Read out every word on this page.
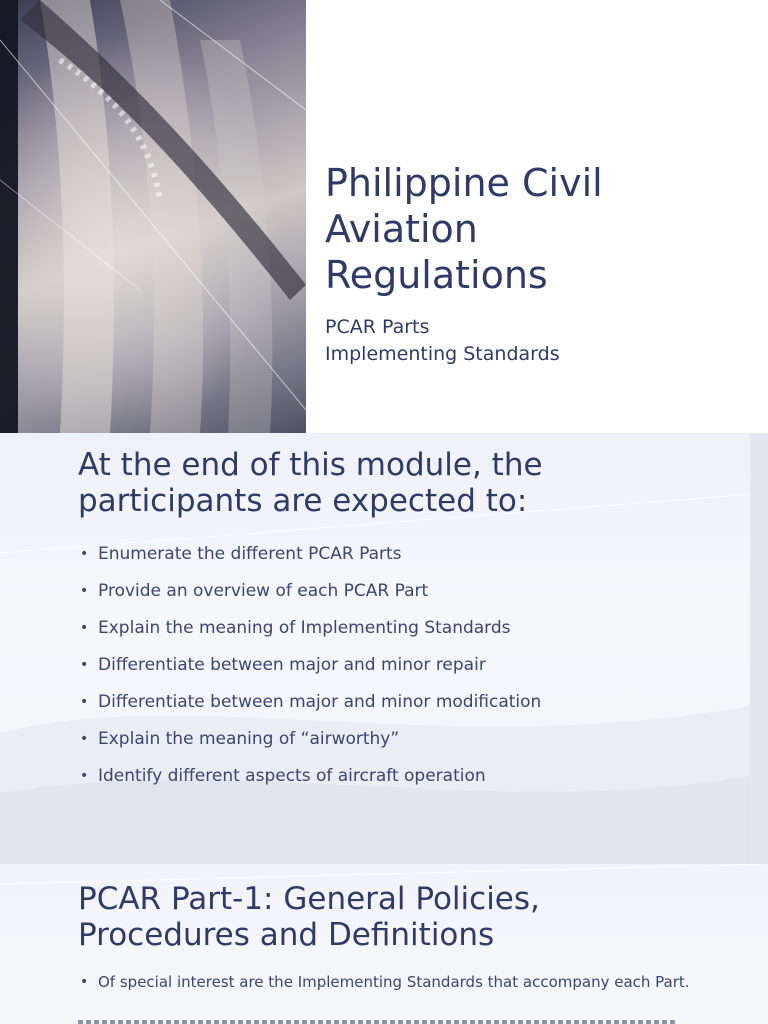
Philippine Civil
Aviation
Regulations
PCAR Parts
Implementing Standards
At the end of this module, the
participants are expected to:
• Enumerate the different PCAR Parts
• Provide an overview of each PCAR Part
• Explain the meaning of Implementing Standards
• Differentiate between major and minor repair
• Differentiate between major and minor modification
• Explain the meaning of “airworthy”
• Identify different aspects of aircraft operation
PCAR Part-1: General Policies,
Procedures and Definitions
• Of special interest are the Implementing Standards that accompany each Part.
